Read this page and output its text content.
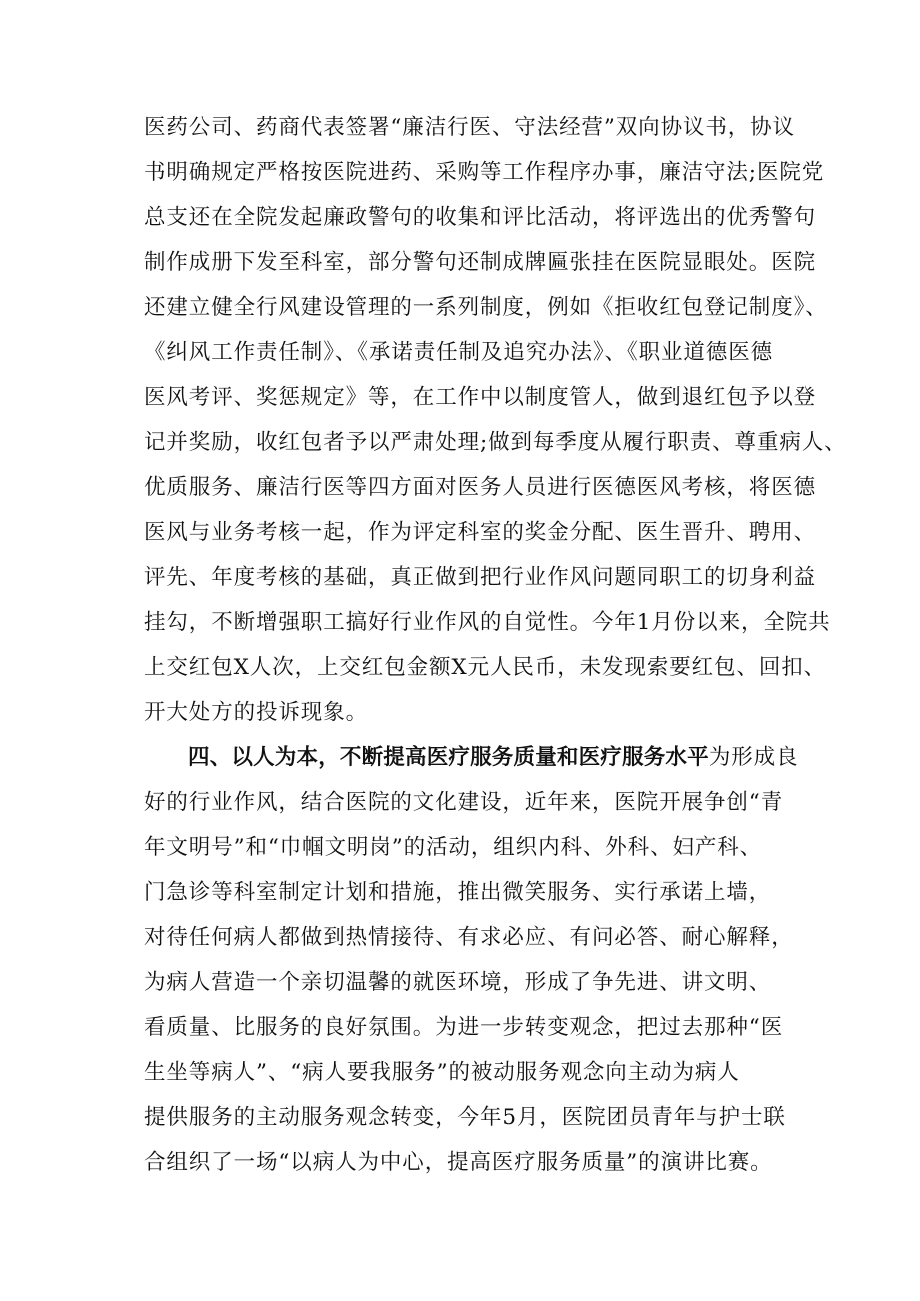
医药公司、药商代表签署“廉洁行医、守法经营”双向协议书，协议
书明确规定严格按医院进药、采购等工作程序办事，廉洁守法;医院党
总支还在全院发起廉政警句的收集和评比活动，将评选出的优秀警句
制作成册下发至科室，部分警句还制成牌匾张挂在医院显眼处。医院
还建立健全行风建设管理的一系列制度，例如《拒收红包登记制度》、
《纠风工作责任制》、《承诺责任制及追究办法》、《职业道德医德
医风考评、奖惩规定》等，在工作中以制度管人，做到退红包予以登
记并奖励，收红包者予以严肃处理;做到每季度从履行职责、尊重病人、
优质服务、廉洁行医等四方面对医务人员进行医德医风考核，将医德
医风与业务考核一起，作为评定科室的奖金分配、医生晋升、聘用、
评先、年度考核的基础，真正做到把行业作风问题同职工的切身利益
挂勾，不断增强职工搞好行业作风的自觉性。今年1月份以来，全院共
上交红包X人次，上交红包金额X元人民币，未发现索要红包、回扣、
开大处方的投诉现象。
四、以人为本，不断提高医疗服务质量和医疗服务水平为形成良
好的行业作风，结合医院的文化建设，近年来，医院开展争创“青
年文明号”和“巾帼文明岗”的活动，组织内科、外科、妇产科、
门急诊等科室制定计划和措施，推出微笑服务、实行承诺上墙，
对待任何病人都做到热情接待、有求必应、有问必答、耐心解释，
为病人营造一个亲切温馨的就医环境，形成了争先进、讲文明、
看质量、比服务的良好氛围。为进一步转变观念，把过去那种“医
生坐等病人”、“病人要我服务”的被动服务观念向主动为病人
提供服务的主动服务观念转变，今年5月，医院团员青年与护士联
合组织了一场“以病人为中心，提高医疗服务质量”的演讲比赛。
